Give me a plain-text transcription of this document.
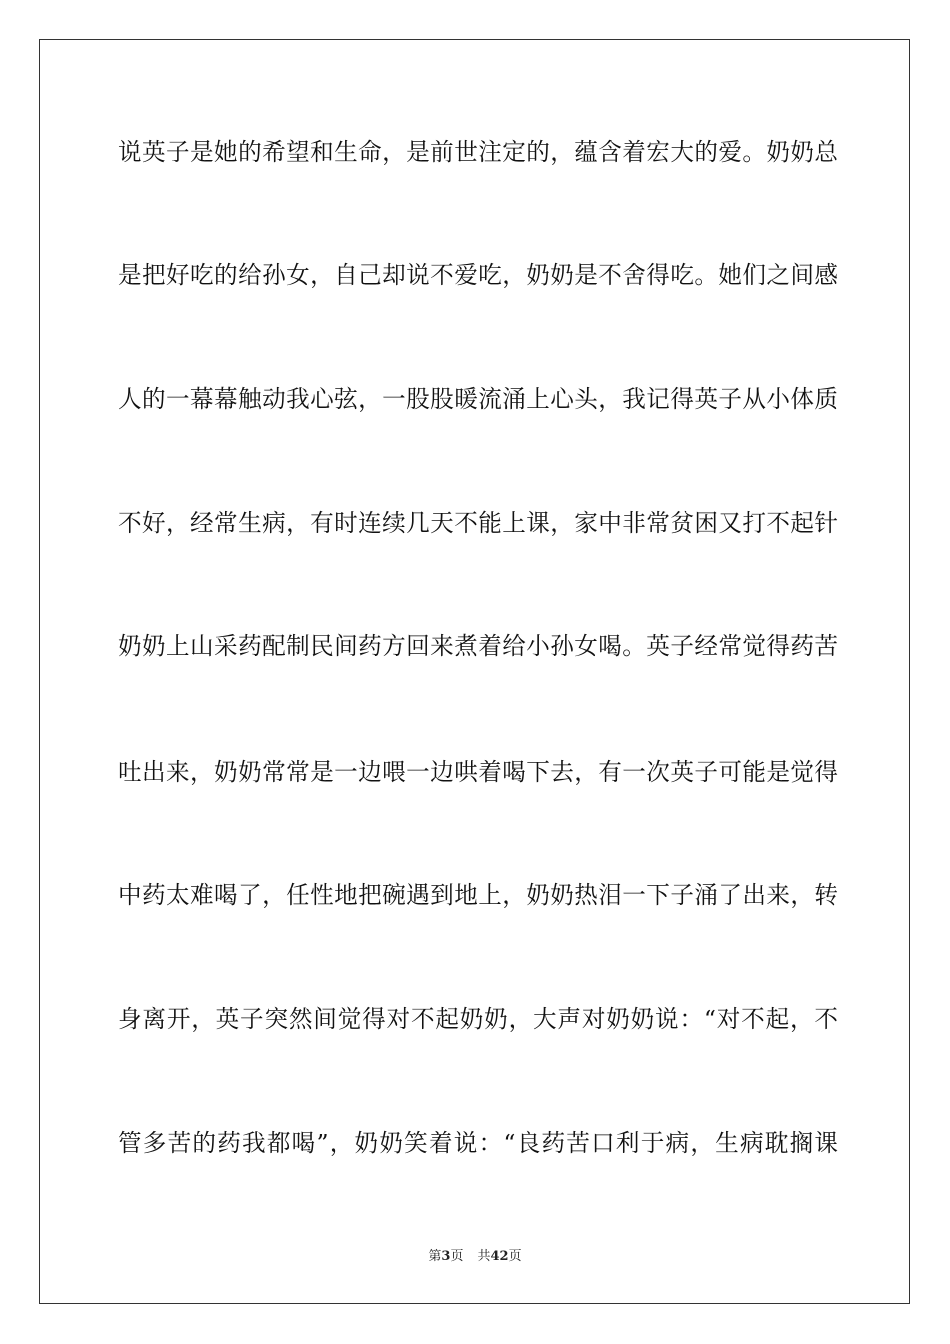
说英子是她的希望和生命，是前世注定的，蕴含着宏大的爱。奶奶总
是把好吃的给孙女，自己却说不爱吃，奶奶是不舍得吃。她们之间感
人的一幕幕触动我心弦，一股股暖流涌上心头，我记得英子从小体质
不好，经常生病，有时连续几天不能上课，家中非常贫困又打不起针
奶奶上山采药配制民间药方回来煮着给小孙女喝。英子经常觉得药苦
吐出来，奶奶常常是一边喂一边哄着喝下去，有一次英子可能是觉得
中药太难喝了，任性地把碗遇到地上，奶奶热泪一下子涌了出来，转
身离开，英子突然间觉得对不起奶奶，大声对奶奶说：“对不起，不
管多苦的药我都喝”，奶奶笑着说：“良药苦口利于病，生病耽搁课
第3页 共42页
